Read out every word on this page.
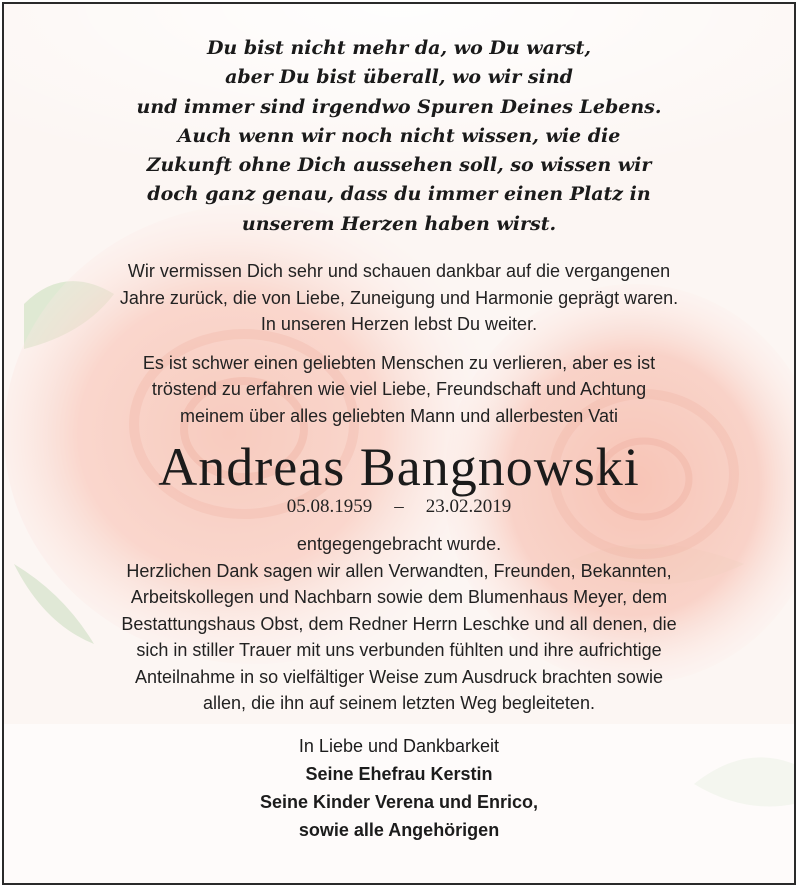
Du bist nicht mehr da, wo Du warst,
aber Du bist überall, wo wir sind
und immer sind irgendwo Spuren Deines Lebens.
Auch wenn wir noch nicht wissen, wie die
Zukunft ohne Dich aussehen soll, so wissen wir
doch ganz genau, dass du immer einen Platz in
unserem Herzen haben wirst.
Wir vermissen Dich sehr und schauen dankbar auf die vergangenen
Jahre zurück, die von Liebe, Zuneigung und Harmonie geprägt waren.
In unseren Herzen lebst Du weiter.
Es ist schwer einen geliebten Menschen zu verlieren, aber es ist
tröstend zu erfahren wie viel Liebe, Freundschaft und Achtung
meinem über alles geliebten Mann und allerbesten Vati
Andreas Bangnowski
05.08.1959 – 23.02.2019
entgegengebracht wurde.
Herzlichen Dank sagen wir allen Verwandten, Freunden, Bekannten,
Arbeitskollegen und Nachbarn sowie dem Blumenhaus Meyer, dem
Bestattungshaus Obst, dem Redner Herrn Leschke und all denen, die
sich in stiller Trauer mit uns verbunden fühlten und ihre aufrichtige
Anteilnahme in so vielfältiger Weise zum Ausdruck brachten sowie
allen, die ihn auf seinem letzten Weg begleiteten.
In Liebe und Dankbarkeit
Seine Ehefrau Kerstin
Seine Kinder Verena und Enrico,
sowie alle Angehörigen
